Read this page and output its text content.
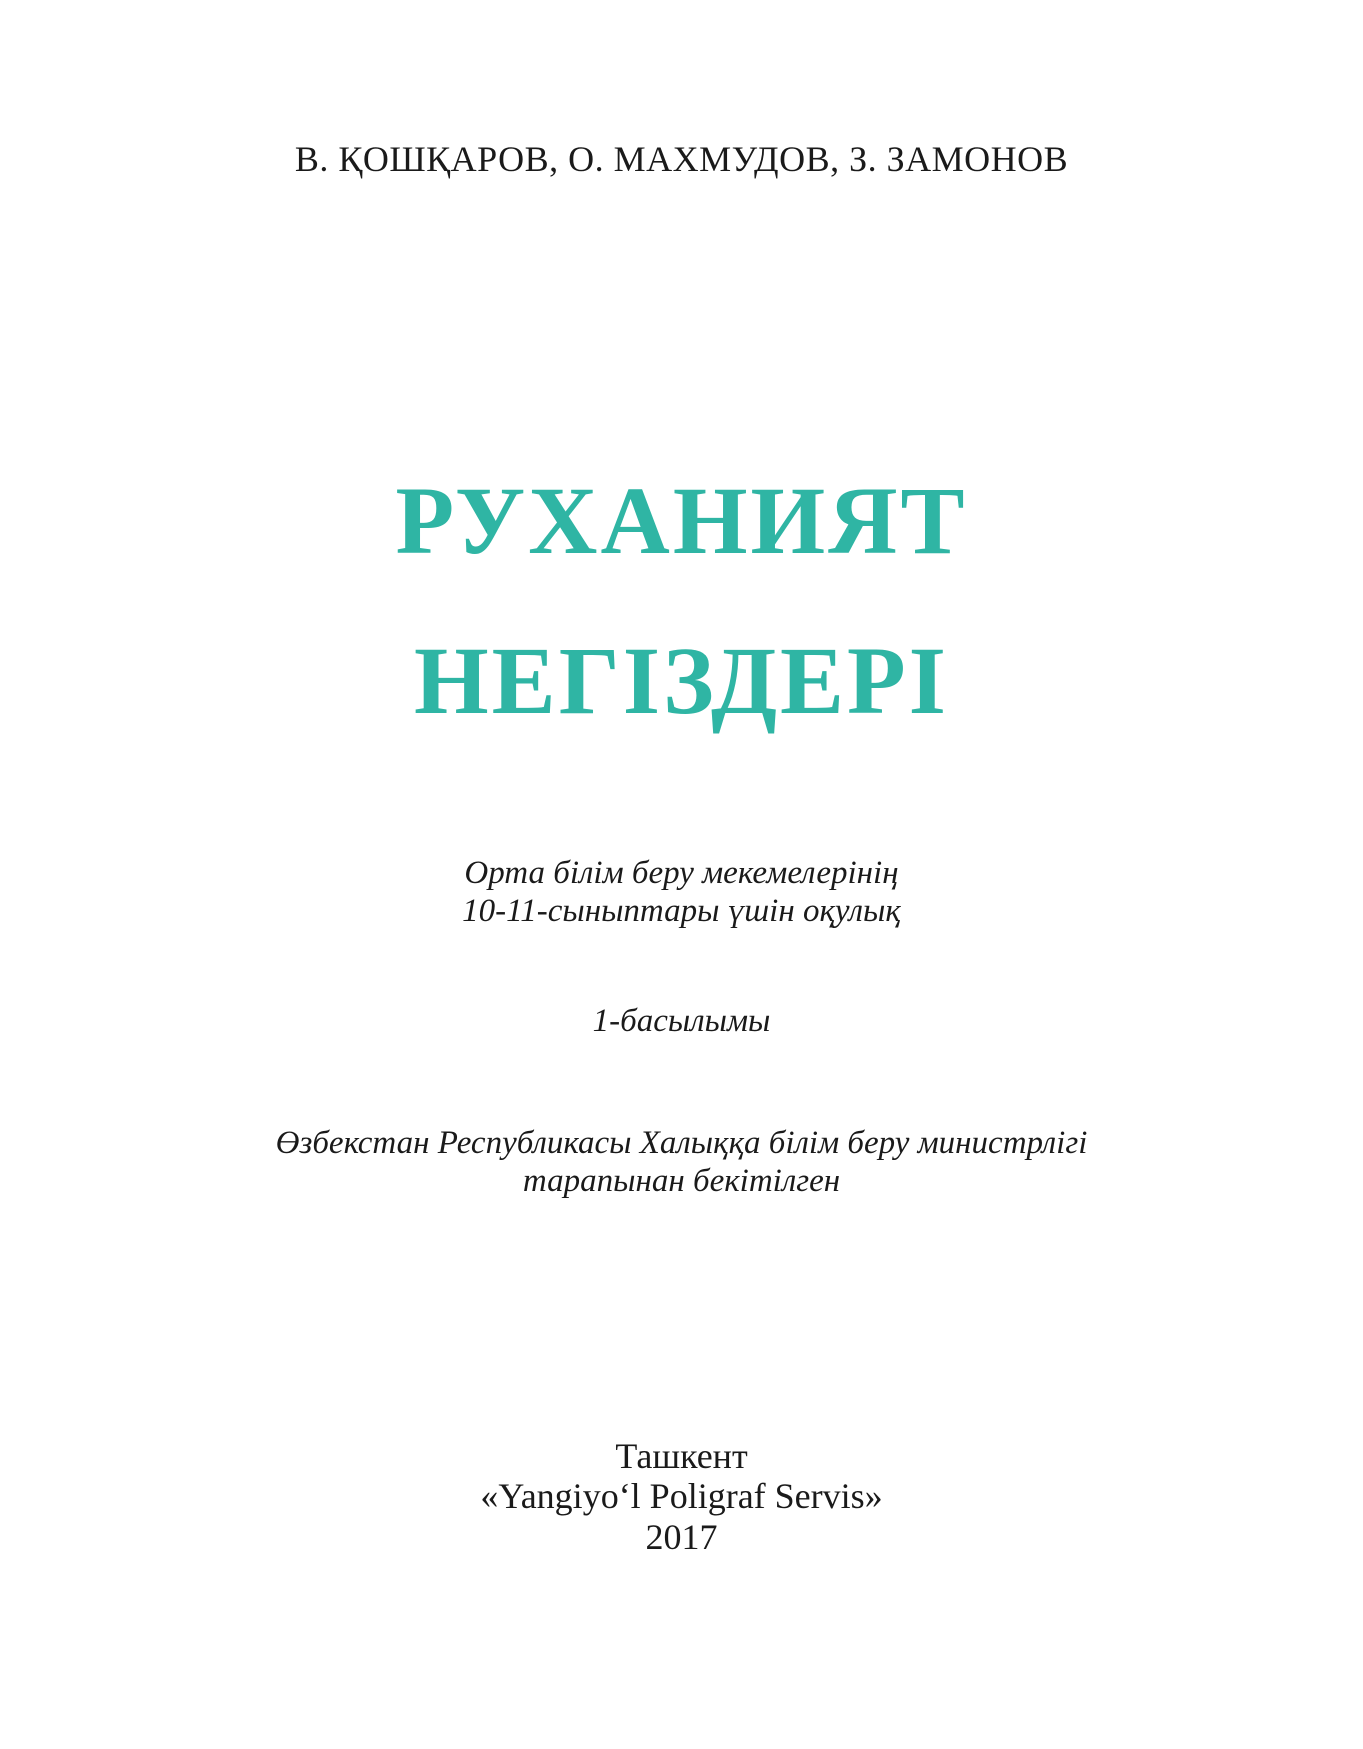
В. ҚОШҚАРОВ, О. МАХМУДОВ, З. ЗАМОНОВ
РУХАНИЯТ
НЕГІЗДЕРІ
Орта білім беру мекемелерінің
10-11-сыныптары үшін оқулық
1-басылымы
Өзбекстан Республикасы Халыққа білім беру министрлігі
тарапынан бекітілген
Ташкент
«Yangiyo‘l Poligraf Servis»
2017
